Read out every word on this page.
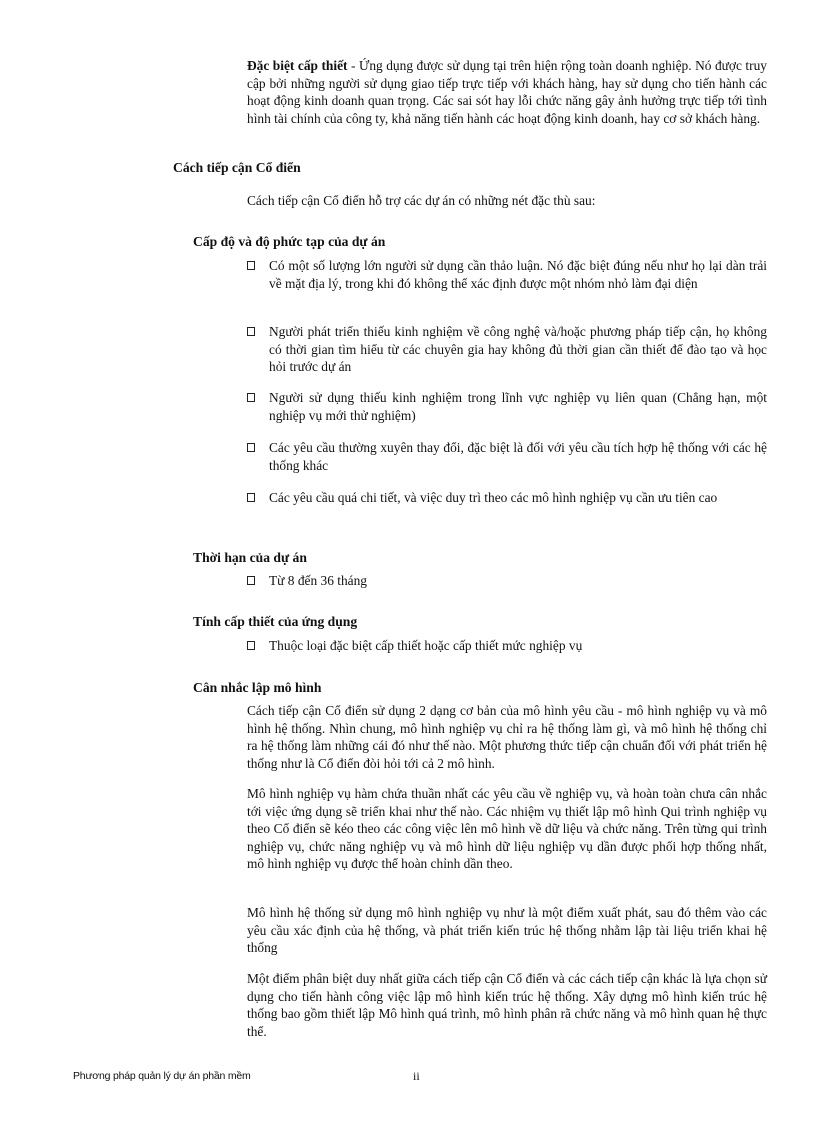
Đặc biệt cấp thiết - Ứng dụng được sử dụng tại trên hiện rộng toàn doanh nghiệp. Nó được truy cập bởi những người sử dụng giao tiếp trực tiếp với khách hàng, hay sử dụng cho tiến hành các hoạt động kinh doanh quan trọng. Các sai sót hay lỗi chức năng gây ảnh hưởng trực tiếp tới tình hình tài chính của công ty, khả năng tiến hành các hoạt động kinh doanh, hay cơ sở khách hàng.

Cách tiếp cận Cổ điển

Cách tiếp cận Cổ điển hỗ trợ các dự án có những nét đặc thù sau:

Cấp độ và độ phức tạp của dự án
Có một số lượng lớn người sử dụng cần thảo luận. Nó đặc biệt đúng nếu như họ lại dàn trải về mặt địa lý, trong khi đó không thể xác định được một nhóm nhỏ làm đại diện
Người phát triển thiếu kinh nghiệm về công nghệ và/hoặc phương pháp tiếp cận, họ không có thời gian tìm hiểu từ các chuyên gia hay không đủ thời gian cần thiết để đào tạo và học hỏi trước dự án
Người sử dụng thiếu kinh nghiệm trong lĩnh vực nghiệp vụ liên quan (Chẳng hạn, một nghiệp vụ mới thử nghiệm)
Các yêu cầu thường xuyên thay đổi, đặc biệt là đối với yêu cầu tích hợp hệ thống với các hệ thống khác
Các yêu cầu quá chi tiết, và việc duy trì theo các mô hình nghiệp vụ cần ưu tiên cao
Thời hạn của dự án
Từ 8 đến 36 tháng
Tính cấp thiết của ứng dụng
Thuộc loại đặc biệt cấp thiết hoặc cấp thiết mức nghiệp vụ
Cân nhắc lập mô hình

Cách tiếp cận Cổ điển sử dụng 2 dạng cơ bản của mô hình yêu cầu - mô hình nghiệp vụ và mô hình hệ thống. Nhìn chung, mô hình nghiệp vụ chỉ ra hệ thống làm gì, và mô hình hệ thống chỉ ra hệ thống làm những cái đó như thế nào. Một phương thức tiếp cận chuẩn đối với phát triển hệ thống như là Cổ điển đòi hỏi tới cả 2 mô hình.

Mô hình nghiệp vụ hàm chứa thuần nhất các yêu cầu về nghiệp vụ, và hoàn toàn chưa cân nhắc tới việc ứng dụng sẽ triển khai như thế nào. Các nhiệm vụ thiết lập mô hình Qui trình nghiệp vụ theo Cổ điển sẽ kéo theo các công việc lên mô hình về dữ liệu và chức năng. Trên từng qui trình nghiệp vụ, chức năng nghiệp vụ và mô hình dữ liệu nghiệp vụ dần được phối hợp thống nhất, mô hình nghiệp vụ được thể hoàn chỉnh dần theo.

Mô hình hệ thống sử dụng mô hình nghiệp vụ như là một điểm xuất phát, sau đó thêm vào các yêu cầu xác định của hệ thống, và phát triển kiến trúc hệ thống nhằm lập tài liệu triển khai hệ thống

Một điểm phân biệt duy nhất giữa cách tiếp cận Cổ điển và các cách tiếp cận khác là lựa chọn sử dụng cho tiến hành công việc lập mô hình kiến trúc hệ thống. Xây dựng mô hình kiến trúc hệ thống bao gồm thiết lập Mô hình quá trình, mô hình phân rã chức năng và mô hình quan hệ thực thể.

Phương pháp quản lý dự án phần mềm	ii
